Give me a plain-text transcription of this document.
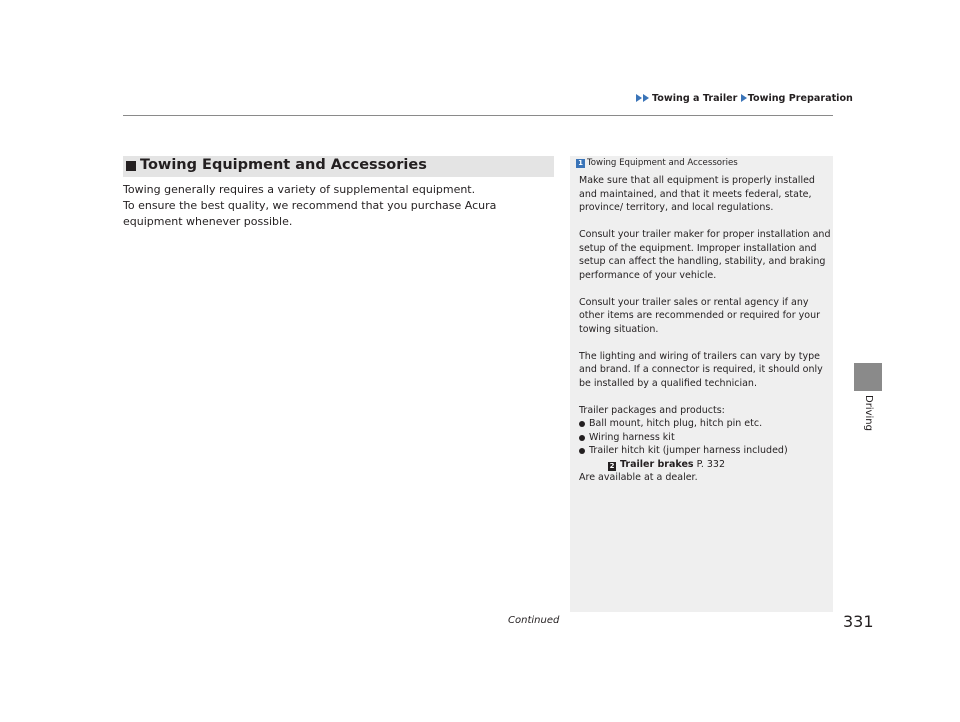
Towing a Trailer Towing Preparation
Towing Equipment and Accessories

Towing generally requires a variety of supplemental equipment.

To ensure the best quality, we recommend that you purchase Acura equipment whenever possible.

1 Towing Equipment and Accessories

Make sure that all equipment is properly installed and maintained, and that it meets federal, state, province/ territory, and local regulations.

Consult your trailer maker for proper installation and setup of the equipment. Improper installation and setup can affect the handling, stability, and braking performance of your vehicle.

Consult your trailer sales or rental agency if any other items are recommended or required for your towing situation.

The lighting and wiring of trailers can vary by type and brand. If a connector is required, it should only be installed by a qualified technician.

Trailer packages and products:

Ball mount, hitch plug, hitch pin etc.
Wiring harness kit
Trailer hitch kit (jumper harness included)
2 Trailer brakes P. 332

Are available at a dealer.

Driving
Continued	331
